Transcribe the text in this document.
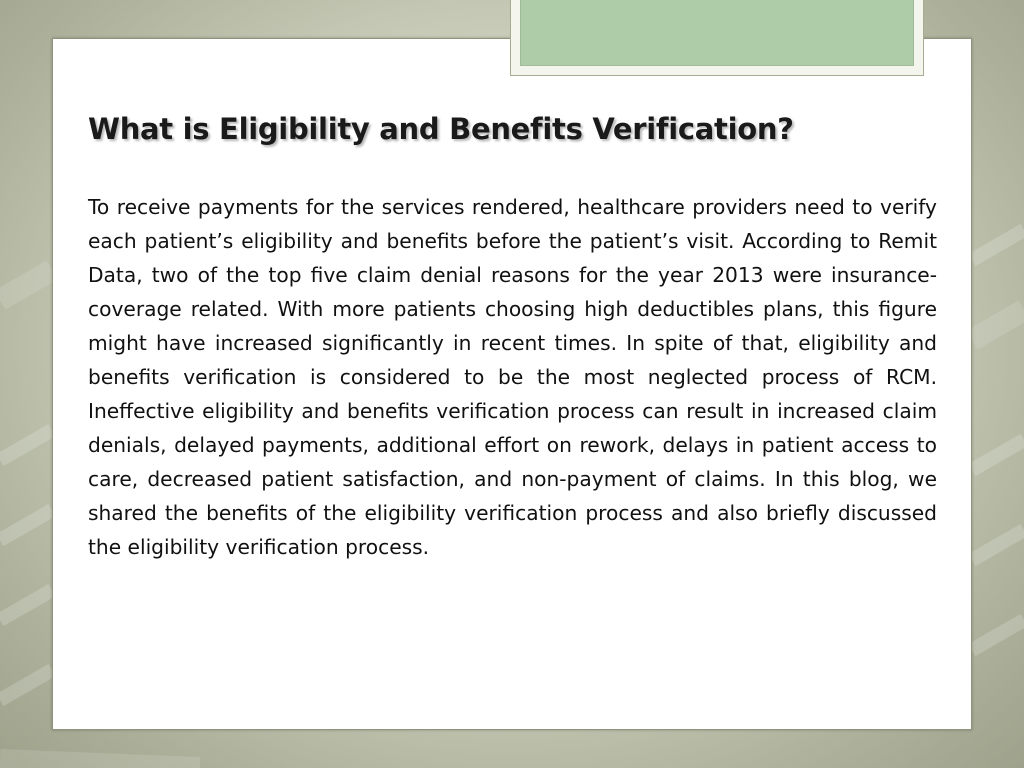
What is Eligibility and Benefits Verification?

To receive payments for the services rendered, healthcare providers need to verify each patient’s eligibility and benefits before the patient’s visit. According to Remit Data, two of the top five claim denial reasons for the year 2013 were insurance-coverage related. With more patients choosing high deductibles plans, this figure might have increased significantly in recent times. In spite of that, eligibility and benefits verification is considered to be the most neglected process of RCM. Ineffective eligibility and benefits verification process can result in increased claim denials, delayed payments, additional effort on rework, delays in patient access to care, decreased patient satisfaction, and non-payment of claims. In this blog, we shared the benefits of the eligibility verification process and also briefly discussed the eligibility verification process.
